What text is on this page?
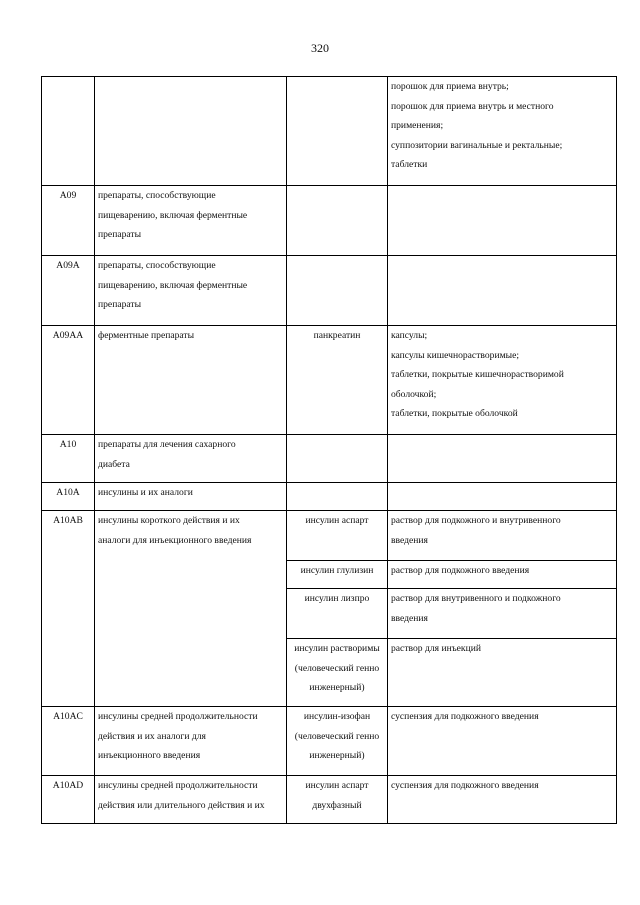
320

			порошок для приема внутрь;
порошок для приема внутрь и местного
применения;
суппозитории вагинальные и ректальные;
таблетки

A09	препараты, способствующие
пищеварению, включая ферментные
препараты		

A09A	препараты, способствующие
пищеварению, включая ферментные
препараты		

A09AA	ферментные препараты	панкреатин	капсулы;
капсулы кишечнорастворимые;
таблетки, покрытые кишечнорастворимой
оболочкой;
таблетки, покрытые оболочкой

A10	препараты для лечения сахарного
диабета		

A10A	инсулины и их аналоги		

A10AB	инсулины короткого действия и их
аналоги для инъекционного введения	инсулин аспарт	раствор для подкожного и внутривенного
введения

		инсулин глулизин	раствор для подкожного введения

		инсулин лизпро	раствор для внутривенного и подкожного
введения

		инсулин растворимы
(человеческий генно
инженерный)	раствор для инъекций

A10AC	инсулины средней продолжительности
действия и их аналоги для
инъекционного введения	инсулин-изофан
(человеческий генно
инженерный)	суспензия для подкожного введения

A10AD	инсулины средней продолжительности
действия или длительного действия и их	инсулин аспарт
двухфазный	суспензия для подкожного введения
